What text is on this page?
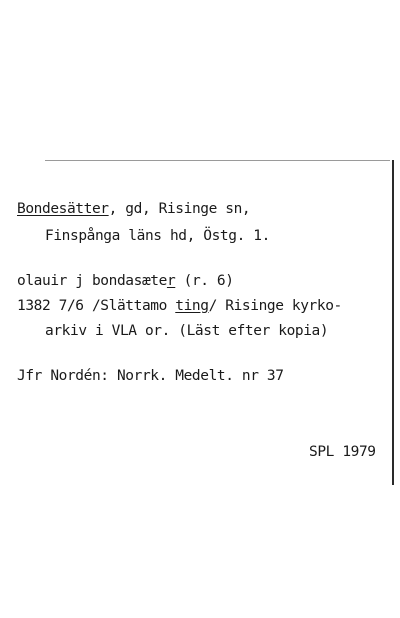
Bondesätter, gd, Risinge sn,
Finspånga läns hd, Östg. 1.
olauir j bondasæter (r. 6)
1382 7/6 /Slättamo ting/ Risinge kyrko-
arkiv i VLA or. (Läst efter kopia)
Jfr Nordén: Norrk. Medelt. nr 37
SPL 1979
